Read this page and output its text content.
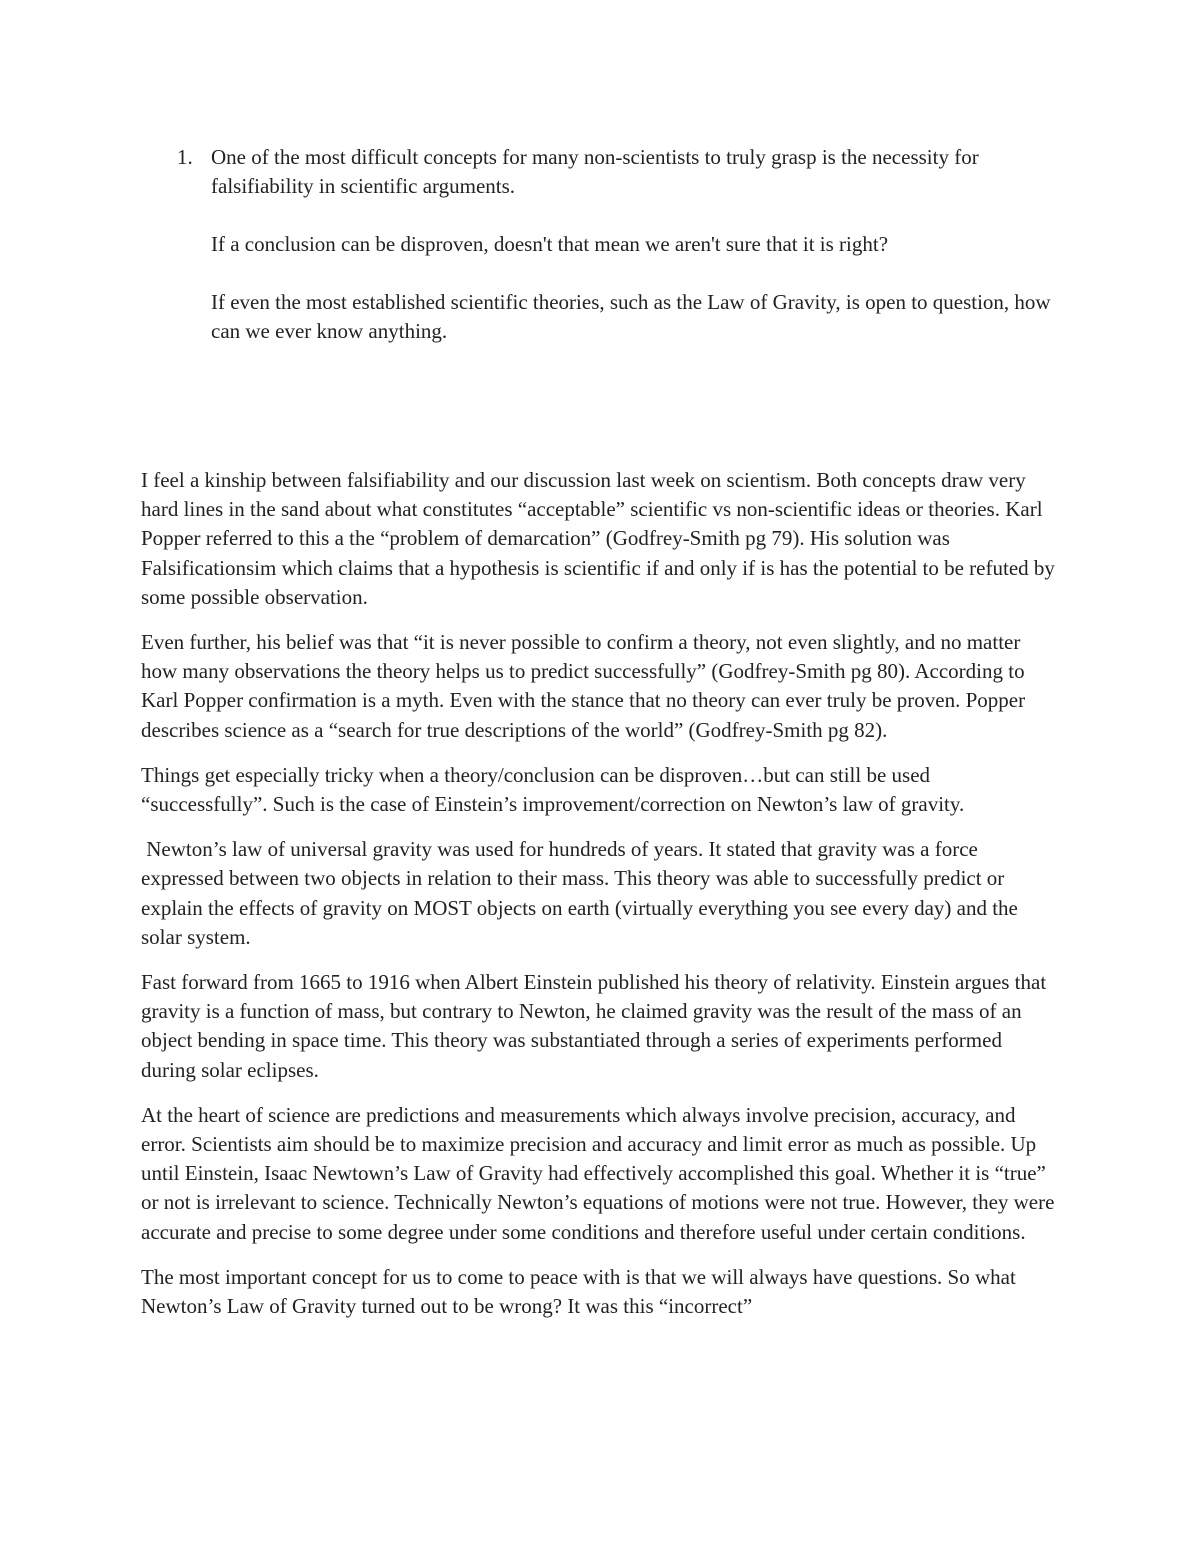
1. One of the most difficult concepts for many non-scientists to truly grasp is the necessity for falsifiability in scientific arguments.

If a conclusion can be disproven, doesn't that mean we aren't sure that it is right?

If even the most established scientific theories, such as the Law of Gravity, is open to question, how can we ever know anything.

I feel a kinship between falsifiability and our discussion last week on scientism. Both concepts draw very hard lines in the sand about what constitutes “acceptable” scientific vs non-scientific ideas or theories. Karl Popper referred to this a the “problem of demarcation” (Godfrey-Smith pg 79). His solution was Falsificationsim which claims that a hypothesis is scientific if and only if is has the potential to be refuted by some possible observation.

Even further, his belief was that “it is never possible to confirm a theory, not even slightly, and no matter how many observations the theory helps us to predict successfully” (Godfrey-Smith pg 80). According to Karl Popper confirmation is a myth. Even with the stance that no theory can ever truly be proven. Popper describes science as a “search for true descriptions of the world” (Godfrey-Smith pg 82).

Things get especially tricky when a theory/conclusion can be disproven…but can still be used “successfully”. Such is the case of Einstein’s improvement/correction on Newton’s law of gravity.

Newton’s law of universal gravity was used for hundreds of years. It stated that gravity was a force expressed between two objects in relation to their mass. This theory was able to successfully predict or explain the effects of gravity on MOST objects on earth (virtually everything you see every day) and the solar system.

Fast forward from 1665 to 1916 when Albert Einstein published his theory of relativity. Einstein argues that gravity is a function of mass, but contrary to Newton, he claimed gravity was the result of the mass of an object bending in space time. This theory was substantiated through a series of experiments performed during solar eclipses.

At the heart of science are predictions and measurements which always involve precision, accuracy, and error. Scientists aim should be to maximize precision and accuracy and limit error as much as possible. Up until Einstein, Isaac Newtown’s Law of Gravity had effectively accomplished this goal. Whether it is “true” or not is irrelevant to science. Technically Newton’s equations of motions were not true. However, they were accurate and precise to some degree under some conditions and therefore useful under certain conditions.

The most important concept for us to come to peace with is that we will always have questions. So what Newton’s Law of Gravity turned out to be wrong? It was this “incorrect”
